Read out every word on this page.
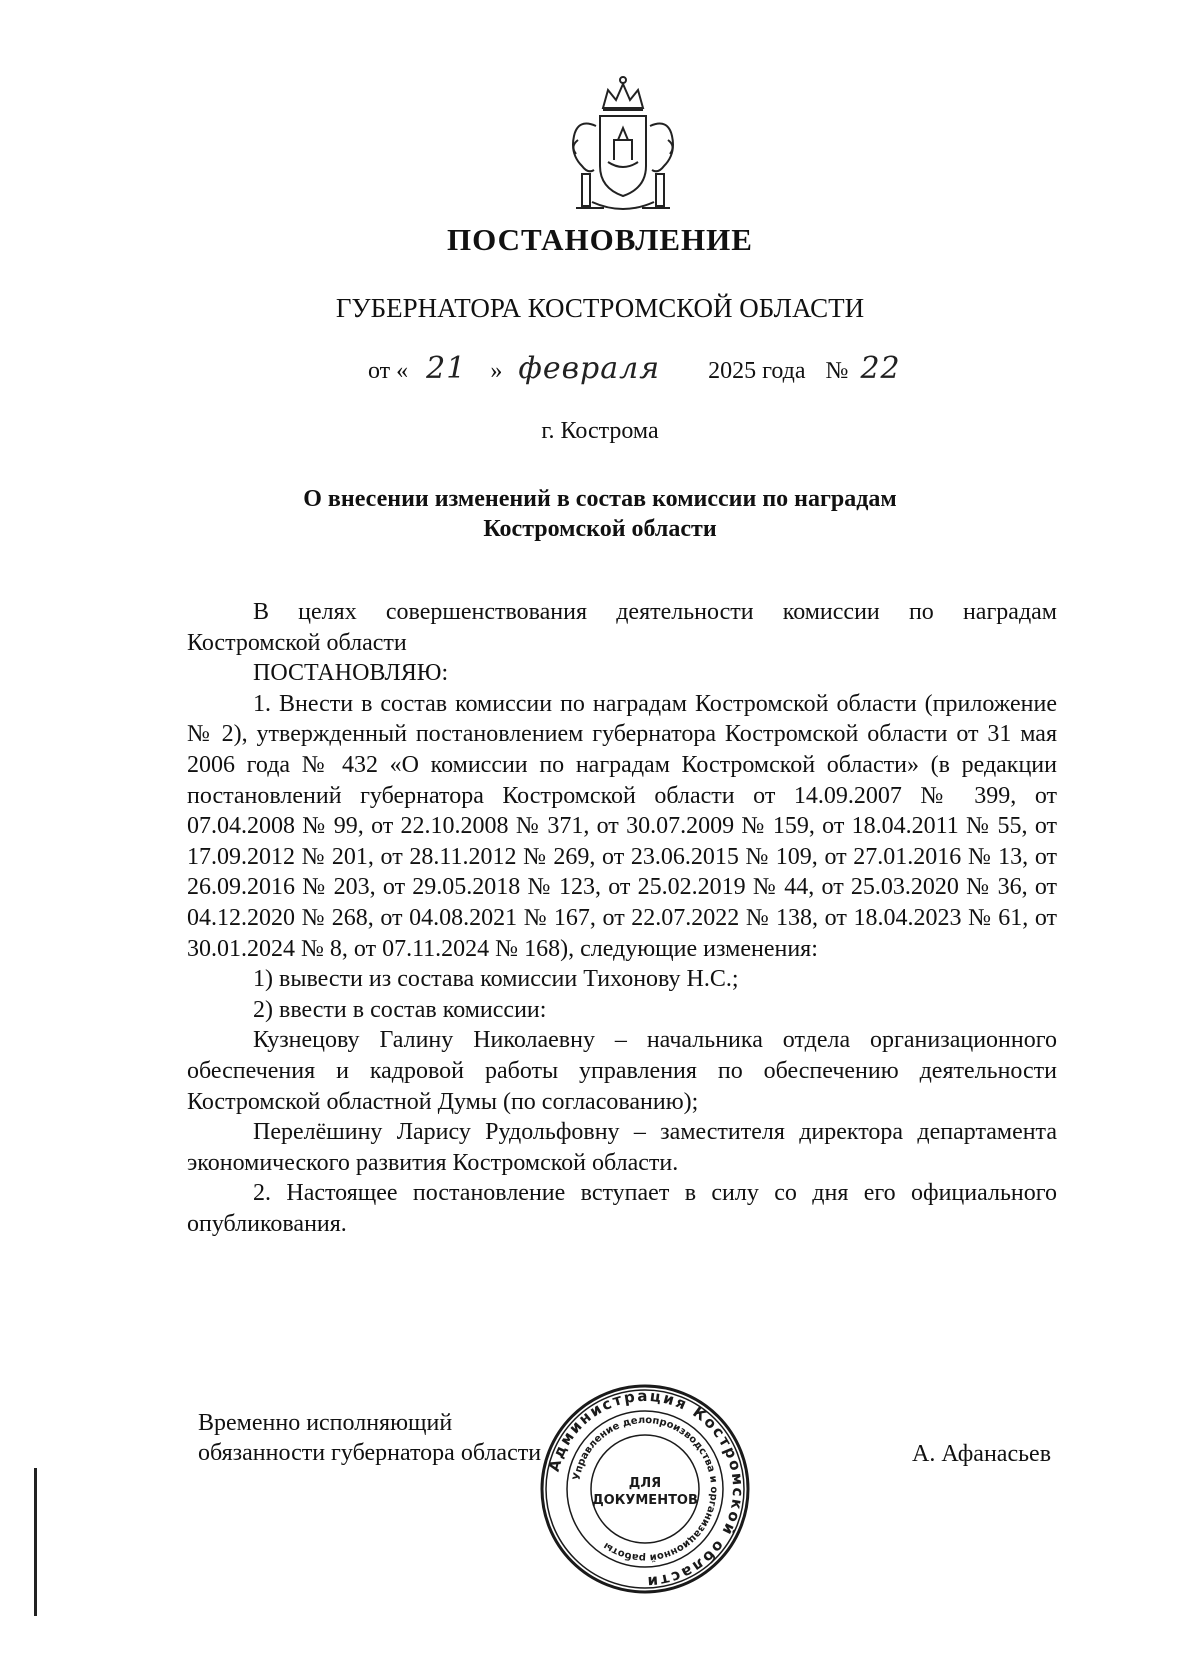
ПОСТАНОВЛЕНИЕ
ГУБЕРНАТОРА КОСТРОМСКОЙ ОБЛАСТИ
от « 21 » февраля 2025 года № 22
г. Кострома
О внесении изменений в состав комиссии по наградам
Костромской области

В целях совершенствования деятельности комиссии по наградам Костромской области

ПОСТАНОВЛЯЮ:

1. Внести в состав комиссии по наградам Костромской области (приложение № 2), утвержденный постановлением губернатора Костромской области от 31 мая 2006 года № 432 «О комиссии по наградам Костромской области» (в редакции постановлений губернатора Костромской области от 14.09.2007 № 399, от 07.04.2008 № 99, от 22.10.2008 № 371, от 30.07.2009 № 159, от 18.04.2011 № 55, от 17.09.2012 № 201, от 28.11.2012 № 269, от 23.06.2015 № 109, от 27.01.2016 № 13, от 26.09.2016 № 203, от 29.05.2018 № 123, от 25.02.2019 № 44, от 25.03.2020 № 36, от 04.12.2020 № 268, от 04.08.2021 № 167, от 22.07.2022 № 138, от 18.04.2023 № 61, от 30.01.2024 № 8, от 07.11.2024 № 168), следующие изменения:

1) вывести из состава комиссии Тихонову Н.С.;

2) ввести в состав комиссии:

Кузнецову Галину Николаевну – начальника отдела организационного обеспечения и кадровой работы управления по обеспечению деятельности Костромской областной Думы (по согласованию);

Перелёшину Ларису Рудольфовну – заместителя директора департамента экономического развития Костромской области.

2. Настоящее постановление вступает в силу со дня его официального опубликования.

Временно исполняющий
обязанности губернатора области	А. Афанасьев
Администрация Костромской области
Управление делопроизводства и организационной работы
ДЛЯ
ДОКУМЕНТОВ
